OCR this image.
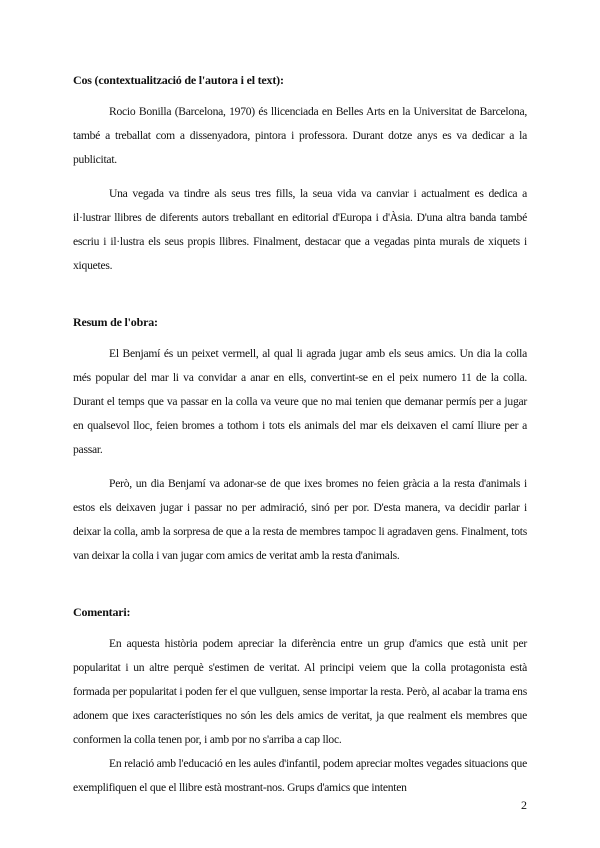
Cos (contextualització de l'autora i el text):

Rocio Bonilla (Barcelona, 1970) és llicenciada en Belles Arts en la Universitat de Barcelona, també a treballat com a dissenyadora, pintora i professora. Durant dotze anys es va dedicar a la publicitat.

Una vegada va tindre als seus tres fills, la seua vida va canviar i actualment es dedica a il·lustrar llibres de diferents autors treballant en editorial d'Europa i d'Àsia. D'una altra banda també escriu i il·lustra els seus propis llibres. Finalment, destacar que a vegadas pinta murals de xiquets i xiquetes.

Resum de l'obra:

El Benjamí és un peixet vermell, al qual li agrada jugar amb els seus amics. Un dia la colla més popular del mar li va convidar a anar en ells, convertint-se en el peix numero 11 de la colla. Durant el temps que va passar en la colla va veure que no mai tenien que demanar permís per a jugar en qualsevol lloc, feien bromes a tothom i tots els animals del mar els deixaven el camí lliure per a passar.

Però, un dia Benjamí va adonar-se de que ixes bromes no feien gràcia a la resta d'animals i estos els deixaven jugar i passar no per admiració, sinó per por. D'esta manera, va decidir parlar i deixar la colla, amb la sorpresa de que a la resta de membres tampoc li agradaven gens. Finalment, tots van deixar la colla i van jugar com amics de veritat amb la resta d'animals.

Comentari:

En aquesta història podem apreciar la diferència entre un grup d'amics que està unit per popularitat i un altre perquè s'estimen de veritat. Al principi veiem que la colla protagonista està formada per popularitat i poden fer el que vullguen, sense importar la resta. Però, al acabar la trama ens adonem que ixes característiques no són les dels amics de veritat, ja que realment els membres que conformen la colla tenen por, i amb por no s'arriba a cap lloc.

En relació amb l'educació en les aules d'infantil, podem apreciar moltes vegades situacions que exemplifiquen el que el llibre està mostrant-nos. Grups d'amics que intenten

2
